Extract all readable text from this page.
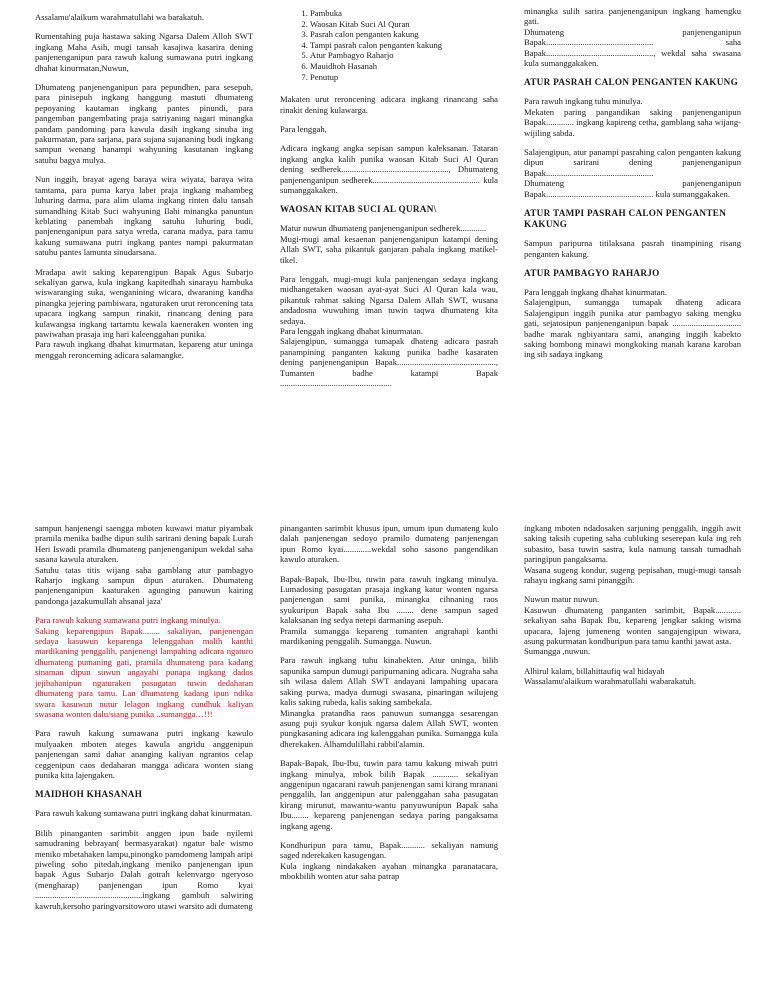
Assalamu'alaikum warahmatullahi wa barakatuh.

Rumentahing puja hastawa saking Ngarsa Dalem Alloh SWT ingkang Maha Asih, mugi tansah kasajiwa kasarira dening panjenenganipun para rawuh kalung sumawana putri ingkang dhahat kinurmatan,Nuwun,

Dhumateng panjenenganipun para pepundhen, para sesepuh, para pinisepuh ingkang hanggung mastuti dhumateng pepoyaning kautaman ingkang pantes pinundi, para pangemban pangembating praja satriyaning nagari minangka pandam pandoming para kawula dasih ingkang sinuba ing pakurmatan, para sarjana, para sujana sujananing budi ingkang sampun wenang hanampi wahyuning kasutanan ingkang satuhu bagya mulya.

Nun inggih, brayat ageng baraya wira wiyata, baraya wira tamtama, para puma karya labet praja ingkang mahambeg luhuring darma, para alim ulama ingkang rinten dalu tansah sumandhing Kitab Suci wahyuning Ilahi minangka panuntun keblating panembah ingkang satuhu luhuring budi, panjenenganipun para satya wreda, carana madya, para tamu kakung sumawana putri ingkang pantes nampi pakurmatan satuhu pantes lamunta sinudarsana.

Mradapa awit saking keparengipun Bapak Agus Subarjo sekaliyan garwa, kula ingkang kapitedhah sinarayu hambuka wiswaranging suka, wenganining wicara, dwaraning kandha pinangka jejering pambiwara, ngaturaken urut reroncening tata upacara ingkang sampun rinakit, rinancang dening para kulawangsa ingkang tartamtu kewala kaeneraken wonten ing pawiwahan prasaja ing hari kaleenggahan punika.
Para rawuh ingkang dhahat kinurmatan, kepareng atur uninga menggah reronceming adicara salamangke.

1. Pambuka
2. Waosan Kitab Suci Al Quran
3. Pasrah calon penganten kakung
4. Tampi pasrah calon penganten kakung
5. Atur Pambagyo Raharjo
6. Mauidhoh Hasanah
7. Penutup

Makaten urut reroncening adicara ingkang rinancang saha rinakit dening kulawarga.

Para lenggah,

Adicara ingkang angka sepisan sampun kaleksanan. Tataran ingkang angka kalih punika waosan Kitab Suci Al Quran dening sedherek.................................................., Dhumateng panjenenganipun sedherek.................................................. kula sumanggakaken.

WAOSAN KITAB SUCI AL QURAN\

Matur nuwun dhumateng panjenenganipun sedherek............
Mugi-mugi amal kesaenan panjenenganipun katampi dening Allah SWT, saha pikantuk ganjaran pahala ingkang matikel-tikel.

Para lenggah, mugi-mugi kula panjenengan sedaya ingkang midhangetaken waosan ayat-ayat Suci Al Quran kala wau, pikantuk rahmat saking Ngarsa Dalem Allah SWT, wusana andadosna wuwuhing iman tuwin taqwa dhumateng kita sedaya.
Para lenggah ingkang dhahat kinurmatan.
Salajengipun, sumangga tumapak dhateng adicara pasrah panampining panganten kakung punika badhe kasaraten dening panjenenganipun Bapak.............................................., Tumanten badhe katampi Bapak ....................................................

minangka sulih sarira panjenenganipun ingkang hamengku gati.
Dhumateng panjenenganipun Bapak.................................................. saha Bapak.................................................., wekdal saha swasana kula sumanggakaken.

ATUR PASRAH CALON PENGANTEN KAKUNG

Para rawuh ingkang tuhu minulya.
Mekaten paring pangandikan saking panjenenganipun Bapak............. ingkang kapireng cetha, gamblang saha wijang-wijiling sabda.

Salajengipun, atur panampi pasrahing calon penganten kakung dipun sarirani dening panjenenganipun Bapak..................................................
Dhumateng panjenenganipun Bapak.................................................. kula sumanggakaken.

ATUR TAMPI PASRAH CALON PENGANTEN KAKUNG

Sampun paripurna titilaksana pasrah tinampining risang penganten kakung.

ATUR PAMBAGYO RAHARJO

Para lenggah ingkang dhahat kinurmatan.
Salajengipun, sumangga tumapak dhateng adicara Salajengipun inggih punika atur pambagyo saking mengku gati, sejatosipun panjenenganipun bapak ................................ badhe marak ngbiyantara sami, ananging inggih kabekto saking bombong minawi mongkoking manah karana karoban ing sih sadaya ingkang

sampun hanjenengi saengga mboten kuwawi matur piyambak pramila menika badhe dipun sulih sarirani dening bapak Lurah Heri Iswadi pramila dhumateng panjenenganipun wekdal saha sasana kawula aturaken.
Satuhu tatas titis wijang saha gamblang atur pambagyo Raharjo ingkang sampun dipun aturaken. Dhumateng panjenenganipun kaaturaken agunging panuwun kairing pandonga jazakumullah ahsanal jaza'

Para rawuh kakung sumawana putri ingkang minulya.
Saking keparengipun Bapak........ sakaliyan, panjenengan sedaya kasuwun keparenga lelenggahan malih kanthi mardikaning penggalih, panjenengi lampahing adicara ngaturo dhumateng pumaning gati, pramila dhumateng para kadang sinaman dipun suwun angayahi punapa ingkang dados jejibahanipun ngaturaken pasugatan tuwin dedaharan dhumateng para tamu. Lan dhumateng kadang ipun ndika swara kasuwun nutur lelagon ingkang cundhuk kaliyan swasana wonten dalu/siang punika ..sumangga…!!!

Para rawuh kakung sumawana putri ingkang kawulo mulyaaken mboten ateges kawula angridu anggenipun panjenengan sami dahar ananging kaliyan ngrantos celap ceggenipun caos dedaharan mangga adicara wonten siang punika kita lajengaken.

MAIDHOH KHASANAH

Para rawuh kakung sumawana putri ingkang dahat kinurmatan.

Bilih pinanganten sarimbit anggen ipun bade nyilemi samudraning bebrayan( bermasyarakat) ngatur bale wismo meniko mbetahaken lampu,pinongko pamdomeng lampah aripi piweling soho pitedah,ingkang meniko panjenengan ipun bapak Agus Subarjo Dalah gotrah kelenvargo ngeryoso (mengharap) panjenengan ipun Romo kyai ..................................................ingkang gambuh salwiring kawruh,kersoho paringvarsitoworo utawi warsito adi dumateng

pinanganten sarimbit khusus ipun, umum ipun dumateng kulo dalah panjenengan sedoyo pramilo dumateng panjenengan ipun Romo kyai.............wekdal soho sasono pangendikan kawulo aturaken.

Bapak-Bapak, Ibu-Ibu, tuwin para rawuh ingkang minulya. Lumadosing pasugatan prasaja ingkang katur wonten ngarsa panjenengan sami punika, minangka cihnaning raos syukuripun Bapak saha Ibu ........ dene sampun saged kalaksanan ing sedya netepi darmaning asepuh.
Pramila sumangga kepareng tumanten angrahapi kanthi mardikaning penggalih. Sumangga. Nuwun.

Para rawuh ingkang tuhu kinabekten. Atur uninga, bilih sapunika sampun dumugi paripurnaning adicara. Nugraha saha sih wilasa dalem Allah SWT andayani lampahing upacara saking purwa, madya dumugi swasana, pinaringan wilujeng kalis saking rubeda, kalis saking sambekala.
Minangka pratandha raos panuwun sumangga sesarengan asung puji syukur konjuk ngarsa dalem Allah SWT, wonten pungkasaning adicara ing kalenggahan punika. Sumangga kula dherekaken. Alhamdulillahi rabbil'alamin.

Bapak-Bapak, Ibu-Ibu, tuwin para tamu kakung miwah putri ingkang minulya, mbok bilih Bapak ............ sekaliyan anggenipun ngacarani rawuh panjenengan sami kirang mranani penggalih, lan anggenipun atur palenggahan saha pasugatan kirang mirunut, mawantu-wantu panyuwunipun Bapak saha Ibu........ kepareng panjenengan sedaya paring pangaksama ingkang ageng.

Kondhuripun para tamu, Bapak........... sekaliyan namung saged nderekaken kasugengan.
Kula ingkang nindakaken ayahan minangka paranatacara, mbokbilih wonten atur saha patrap

ingkang mboten ndadosaken sarjuning penggalih, inggih awit saking taksih cupeting saha cubluking seserepan kula ing reh subasito, basa tuwin sastra, kula namung tansah tumadhah paringipun pangaksama.
Wasana sugeng kondur, sugeng pepisahan, mugi-mugi tansah rahayu ingkang sami pinanggih.

Nuwun matur nuwun.
Kasuwun dhumateng panganten sarimbit, Bapak............ sekaliyan saha Bapak Ibu, kepareng jengkar saking wisma upacara, lajeng jumeneng wonten sangajengipun wiwara, asung pakurmatan kondhuripun para tamu kanthi jawat asta.
Sumangga ,nuwun.

Alhirul kalam, billahittaufiq wal hidayah
Wassalamu'alaikum warahmatullahi wabarakatuh.
